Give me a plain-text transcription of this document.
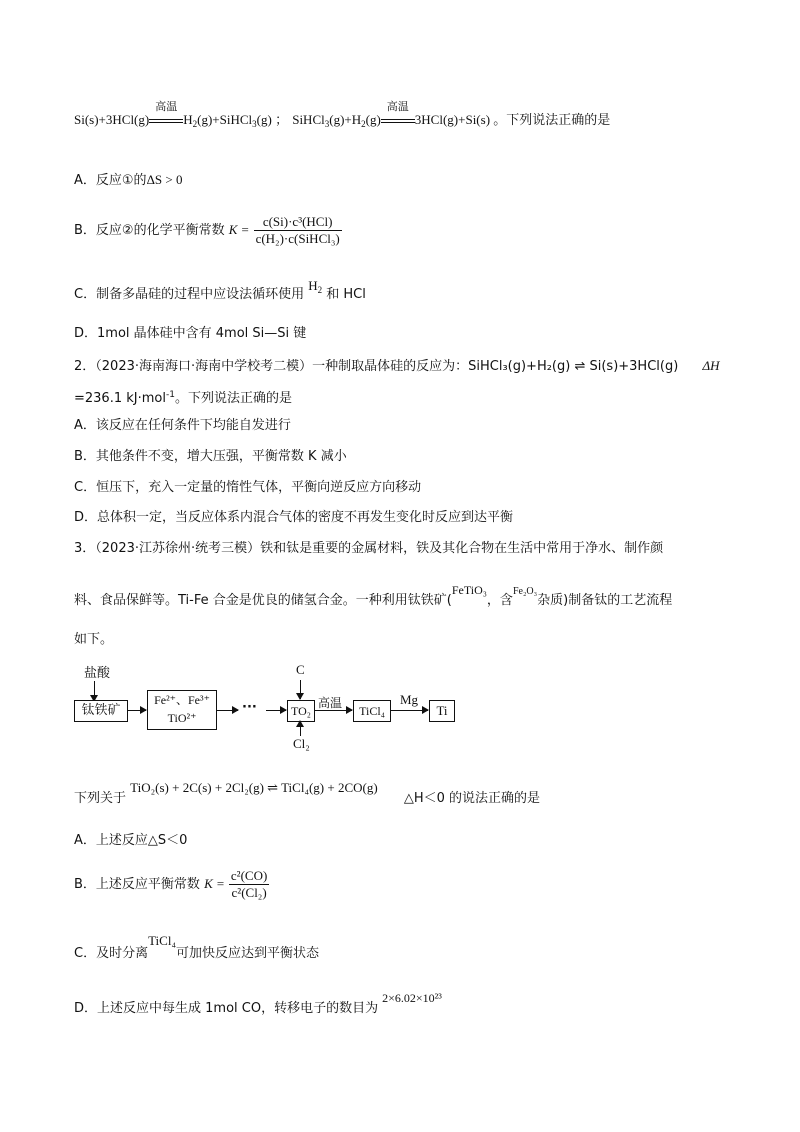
Si(s)+3HCl(g)
高温
$H_2(g)+SiHCl_3(g)$ ； $SiHCl_3(g)+H_2(g)$
高温
3HCl(g)+Si(s) 。下列说法正确的是
A．反应①的ΔS > 0
B．反应②的化学平衡常数 $K = \frac{\text{c(Si)·c³(HCl)}}{\text{c(H₂)·c(SiHCl₃)}}$
C．制备多晶硅的过程中应设法循环使用 $H_2$ 和 HCl
D．1mol 晶体硅中含有 4mol Si—Si 键
2．（2023·海南海口·海南中学校考二模）一种制取晶体硅的反应为：SiHCl₃(g)+H₂(g) ⇌ Si(s)+3HCl(g) ΔH
=236.1 kJ·mol$^{-1}$。下列说法正确的是
A．该反应在任何条件下均能自发进行
B．其他条件不变，增大压强，平衡常数 K 减小
C．恒压下，充入一定量的惰性气体，平衡向逆反应方向移动
D．总体积一定，当反应体系内混合气体的密度不再发生变化时反应到达平衡
3．（2023·江苏徐州·统考三模）铁和钛是重要的金属材料，铁及其化合物在生活中常用于净水、制作颜
料、食品保鲜等。Ti-Fe 合金是优良的储氢合金。一种利用钛铁矿(FeTiO₃，含$^{Fe_2O_3}$杂质)制备钛的工艺流程
如下。
盐酸
钛铁矿
Fe²⁺、Fe³⁺
TiO²⁺
···
C
TO₂
Cl₂
高温
TiCl₄
Mg
Ti
下列关于 TiO₂(s) + 2C(s) + 2Cl₂(g) ⇌ TiCl₄(g) + 2CO(g) △H＜0 的说法正确的是
A．上述反应△S＜0
B．上述反应平衡常数 $K = \frac{\text{c²(CO)}}{\text{c²(Cl₂)}}$
C．及时分离TiCl₄可加快反应达到平衡状态
D．上述反应中每生成 1mol CO，转移电子的数目为2×6.02×10²³
